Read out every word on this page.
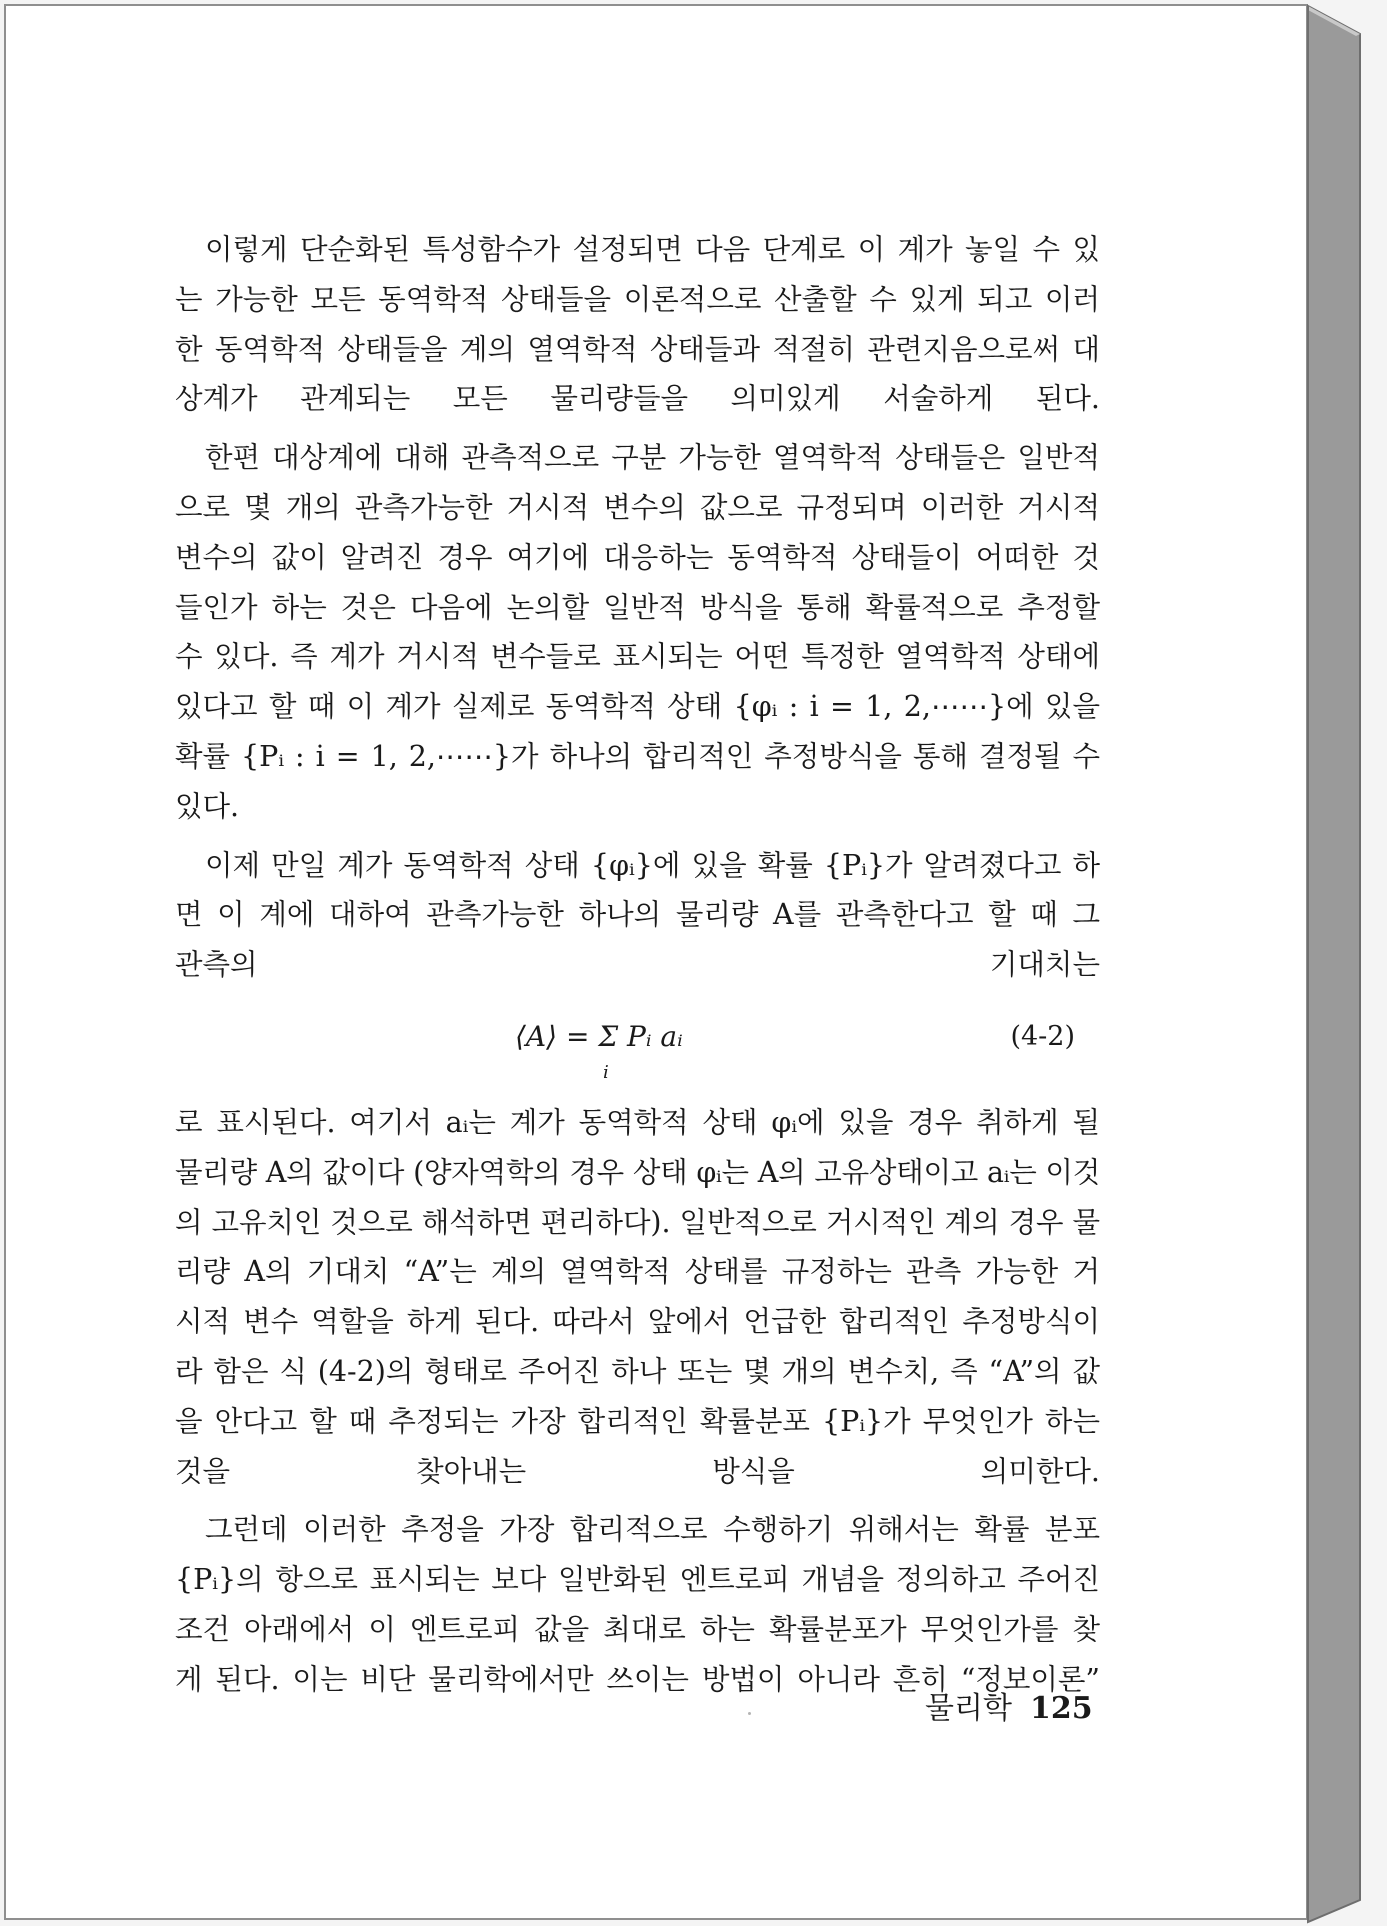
이렇게 단순화된 특성함수가 설정되면 다음 단계로 이 계가 놓일 수 있
는 가능한 모든 동역학적 상태들을 이론적으로 산출할 수 있게 되고 이러
한 동역학적 상태들을 계의 열역학적 상태들과 적절히 관련지음으로써 대
상계가 관계되는 모든 물리량들을 의미있게 서술하게 된다.

한편 대상계에 대해 관측적으로 구분 가능한 열역학적 상태들은 일반적
으로 몇 개의 관측가능한 거시적 변수의 값으로 규정되며 이러한 거시적
변수의 값이 알려진 경우 여기에 대응하는 동역학적 상태들이 어떠한 것
들인가 하는 것은 다음에 논의할 일반적 방식을 통해 확률적으로 추정할
수 있다. 즉 계가 거시적 변수들로 표시되는 어떤 특정한 열역학적 상태에
있다고 할 때 이 계가 실제로 동역학적 상태 {φᵢ : i = 1, 2,⋯⋯}에 있을
확률 {Pᵢ : i = 1, 2,⋯⋯}가 하나의 합리적인 추정방식을 통해 결정될 수
있다.

이제 만일 계가 동역학적 상태 {φᵢ}에 있을 확률 {Pᵢ}가 알려졌다고 하
면 이 계에 대하여 관측가능한 하나의 물리량 A를 관측한다고 할 때 그
관측의 기대치는

⟨A⟩ = Σ Pᵢ aᵢ
i
(4-2)

로 표시된다. 여기서 aᵢ는 계가 동역학적 상태 φᵢ에 있을 경우 취하게 될
물리량 A의 값이다 (양자역학의 경우 상태 φᵢ는 A의 고유상태이고 aᵢ는 이것
의 고유치인 것으로 해석하면 편리하다). 일반적으로 거시적인 계의 경우 물
리량 A의 기대치 “A”는 계의 열역학적 상태를 규정하는 관측 가능한 거
시적 변수 역할을 하게 된다. 따라서 앞에서 언급한 합리적인 추정방식이
라 함은 식 (4-2)의 형태로 주어진 하나 또는 몇 개의 변수치, 즉 “A”의 값
을 안다고 할 때 추정되는 가장 합리적인 확률분포 {Pᵢ}가 무엇인가 하는
것을 찾아내는 방식을 의미한다.

그런데 이러한 추정을 가장 합리적으로 수행하기 위해서는 확률 분포
{Pᵢ}의 항으로 표시되는 보다 일반화된 엔트로피 개념을 정의하고 주어진
조건 아래에서 이 엔트로피 값을 최대로 하는 확률분포가 무엇인가를 찾
게 된다. 이는 비단 물리학에서만 쓰이는 방법이 아니라 흔히 “정보이론”

물리학 125
